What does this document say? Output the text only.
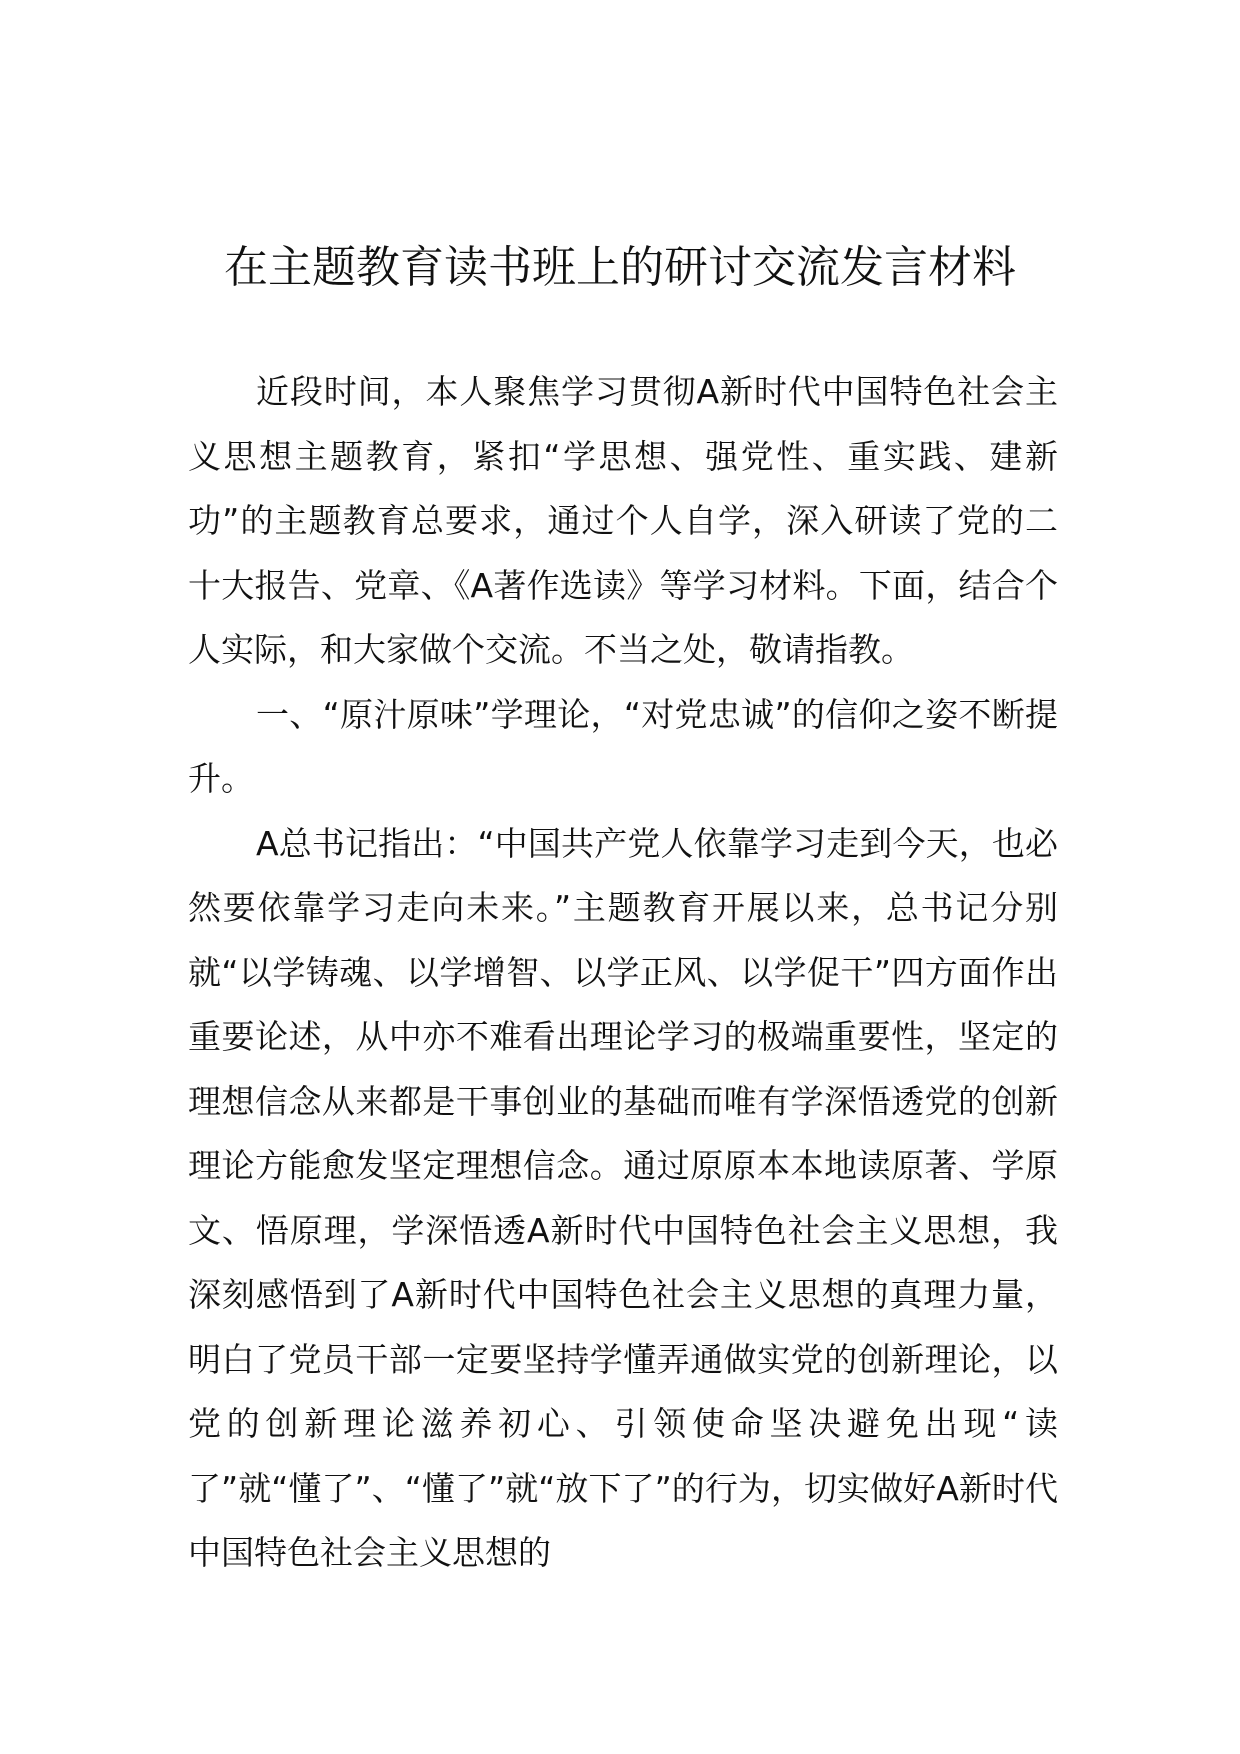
在主题教育读书班上的研讨交流发言材料

近段时间，本人聚焦学习贯彻A新时代中国特色社会主义思想主题教育，紧扣“学思想、强党性、重实践、建新功”的主题教育总要求，通过个人自学，深入研读了党的二十大报告、党章、《A著作选读》等学习材料。下面，结合个人实际，和大家做个交流。不当之处，敬请指教。

一、“原汁原味”学理论，“对党忠诚”的信仰之姿不断提升。

A总书记指出：“中国共产党人依靠学习走到今天，也必然要依靠学习走向未来。”主题教育开展以来，总书记分别就“以学铸魂、以学增智、以学正风、以学促干”四方面作出重要论述，从中亦不难看出理论学习的极端重要性，坚定的理想信念从来都是干事创业的基础而唯有学深悟透党的创新理论方能愈发坚定理想信念。通过原原本本地读原著、学原文、悟原理，学深悟透A新时代中国特色社会主义思想，我深刻感悟到了A新时代中国特色社会主义思想的真理力量，明白了党员干部一定要坚持学懂弄通做实党的创新理论，以党的创新理论滋养初心、引领使命坚决避免出现“读了”就“懂了”、“懂了”就“放下了”的行为，切实做好A新时代中国特色社会主义思想的
